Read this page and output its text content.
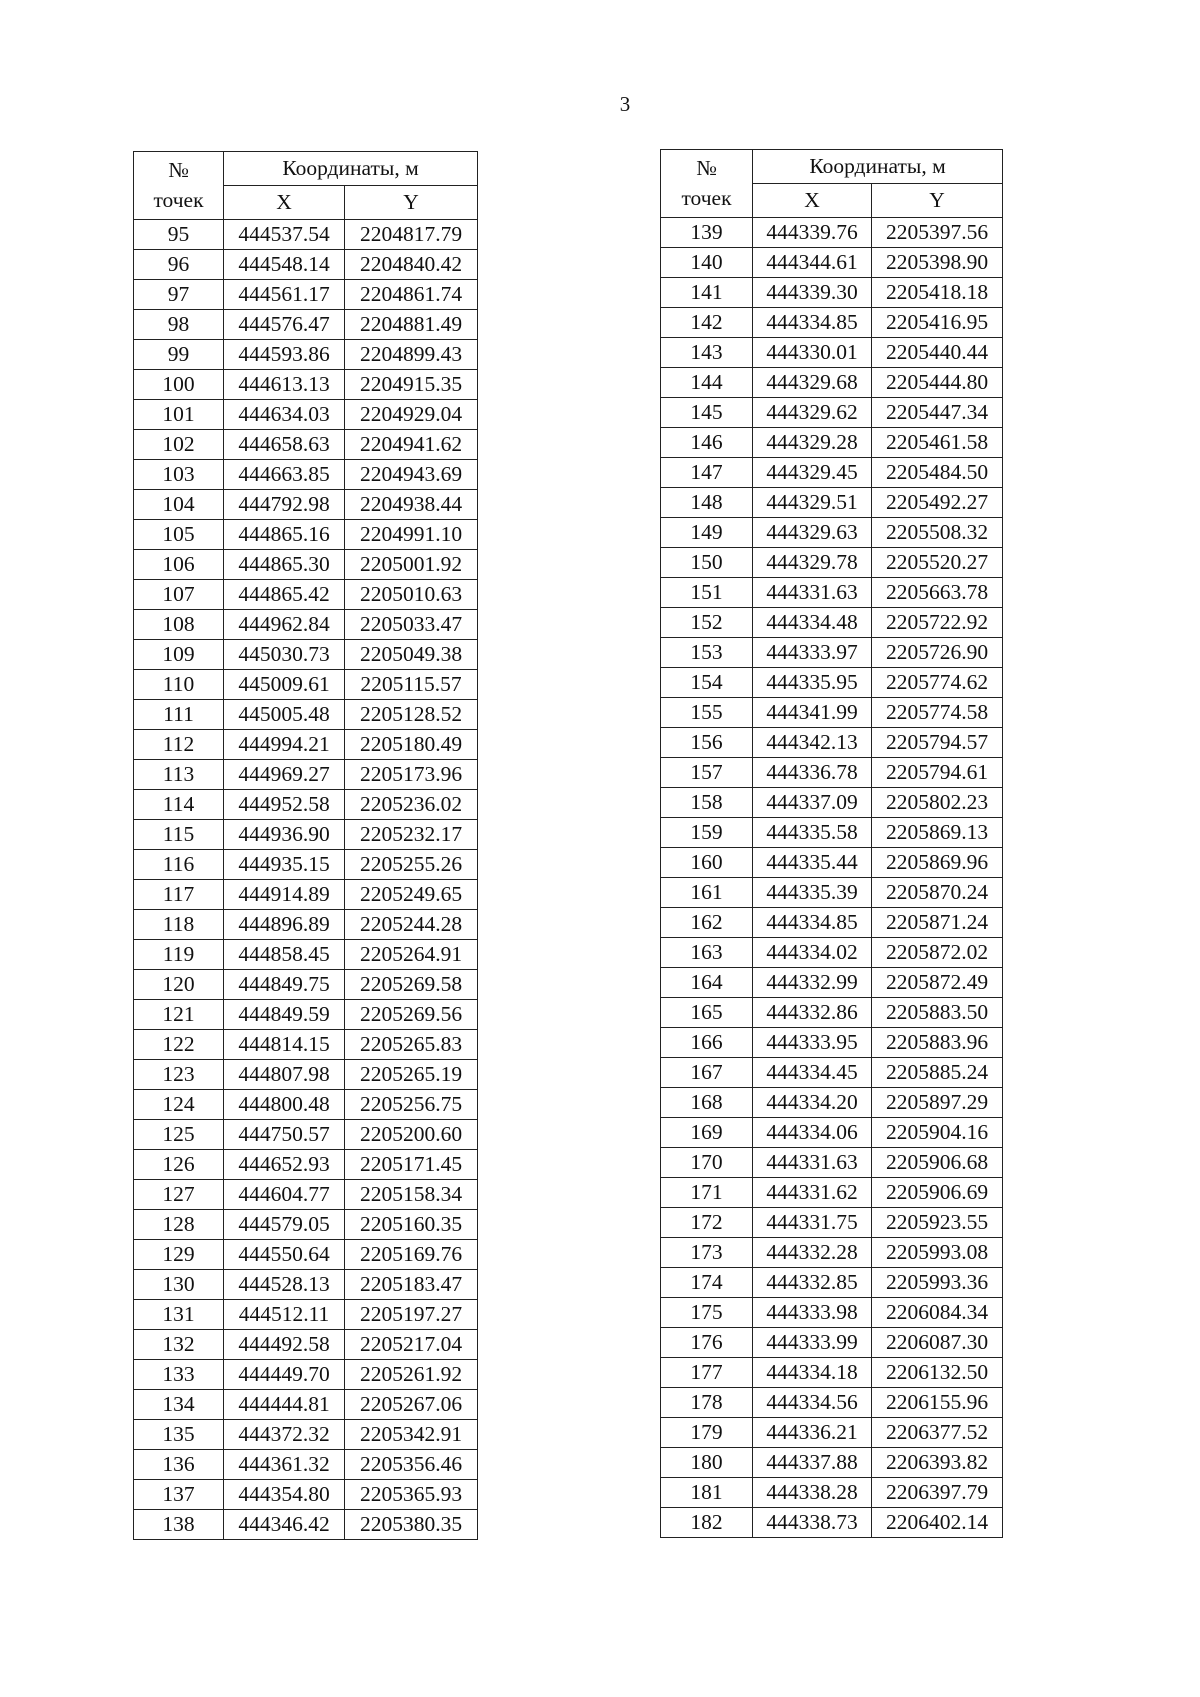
3
№
точек	Координаты, м	
	X	Y
95	444537.54	2204817.79
96	444548.14	2204840.42
97	444561.17	2204861.74
98	444576.47	2204881.49
99	444593.86	2204899.43
100	444613.13	2204915.35
101	444634.03	2204929.04
102	444658.63	2204941.62
103	444663.85	2204943.69
104	444792.98	2204938.44
105	444865.16	2204991.10
106	444865.30	2205001.92
107	444865.42	2205010.63
108	444962.84	2205033.47
109	445030.73	2205049.38
110	445009.61	2205115.57
111	445005.48	2205128.52
112	444994.21	2205180.49
113	444969.27	2205173.96
114	444952.58	2205236.02
115	444936.90	2205232.17
116	444935.15	2205255.26
117	444914.89	2205249.65
118	444896.89	2205244.28
119	444858.45	2205264.91
120	444849.75	2205269.58
121	444849.59	2205269.56
122	444814.15	2205265.83
123	444807.98	2205265.19
124	444800.48	2205256.75
125	444750.57	2205200.60
126	444652.93	2205171.45
127	444604.77	2205158.34
128	444579.05	2205160.35
129	444550.64	2205169.76
130	444528.13	2205183.47
131	444512.11	2205197.27
132	444492.58	2205217.04
133	444449.70	2205261.92
134	444444.81	2205267.06
135	444372.32	2205342.91
136	444361.32	2205356.46
137	444354.80	2205365.93
138	444346.42	2205380.35
№
точек	Координаты, м	
	X	Y
139	444339.76	2205397.56
140	444344.61	2205398.90
141	444339.30	2205418.18
142	444334.85	2205416.95
143	444330.01	2205440.44
144	444329.68	2205444.80
145	444329.62	2205447.34
146	444329.28	2205461.58
147	444329.45	2205484.50
148	444329.51	2205492.27
149	444329.63	2205508.32
150	444329.78	2205520.27
151	444331.63	2205663.78
152	444334.48	2205722.92
153	444333.97	2205726.90
154	444335.95	2205774.62
155	444341.99	2205774.58
156	444342.13	2205794.57
157	444336.78	2205794.61
158	444337.09	2205802.23
159	444335.58	2205869.13
160	444335.44	2205869.96
161	444335.39	2205870.24
162	444334.85	2205871.24
163	444334.02	2205872.02
164	444332.99	2205872.49
165	444332.86	2205883.50
166	444333.95	2205883.96
167	444334.45	2205885.24
168	444334.20	2205897.29
169	444334.06	2205904.16
170	444331.63	2205906.68
171	444331.62	2205906.69
172	444331.75	2205923.55
173	444332.28	2205993.08
174	444332.85	2205993.36
175	444333.98	2206084.34
176	444333.99	2206087.30
177	444334.18	2206132.50
178	444334.56	2206155.96
179	444336.21	2206377.52
180	444337.88	2206393.82
181	444338.28	2206397.79
182	444338.73	2206402.14
